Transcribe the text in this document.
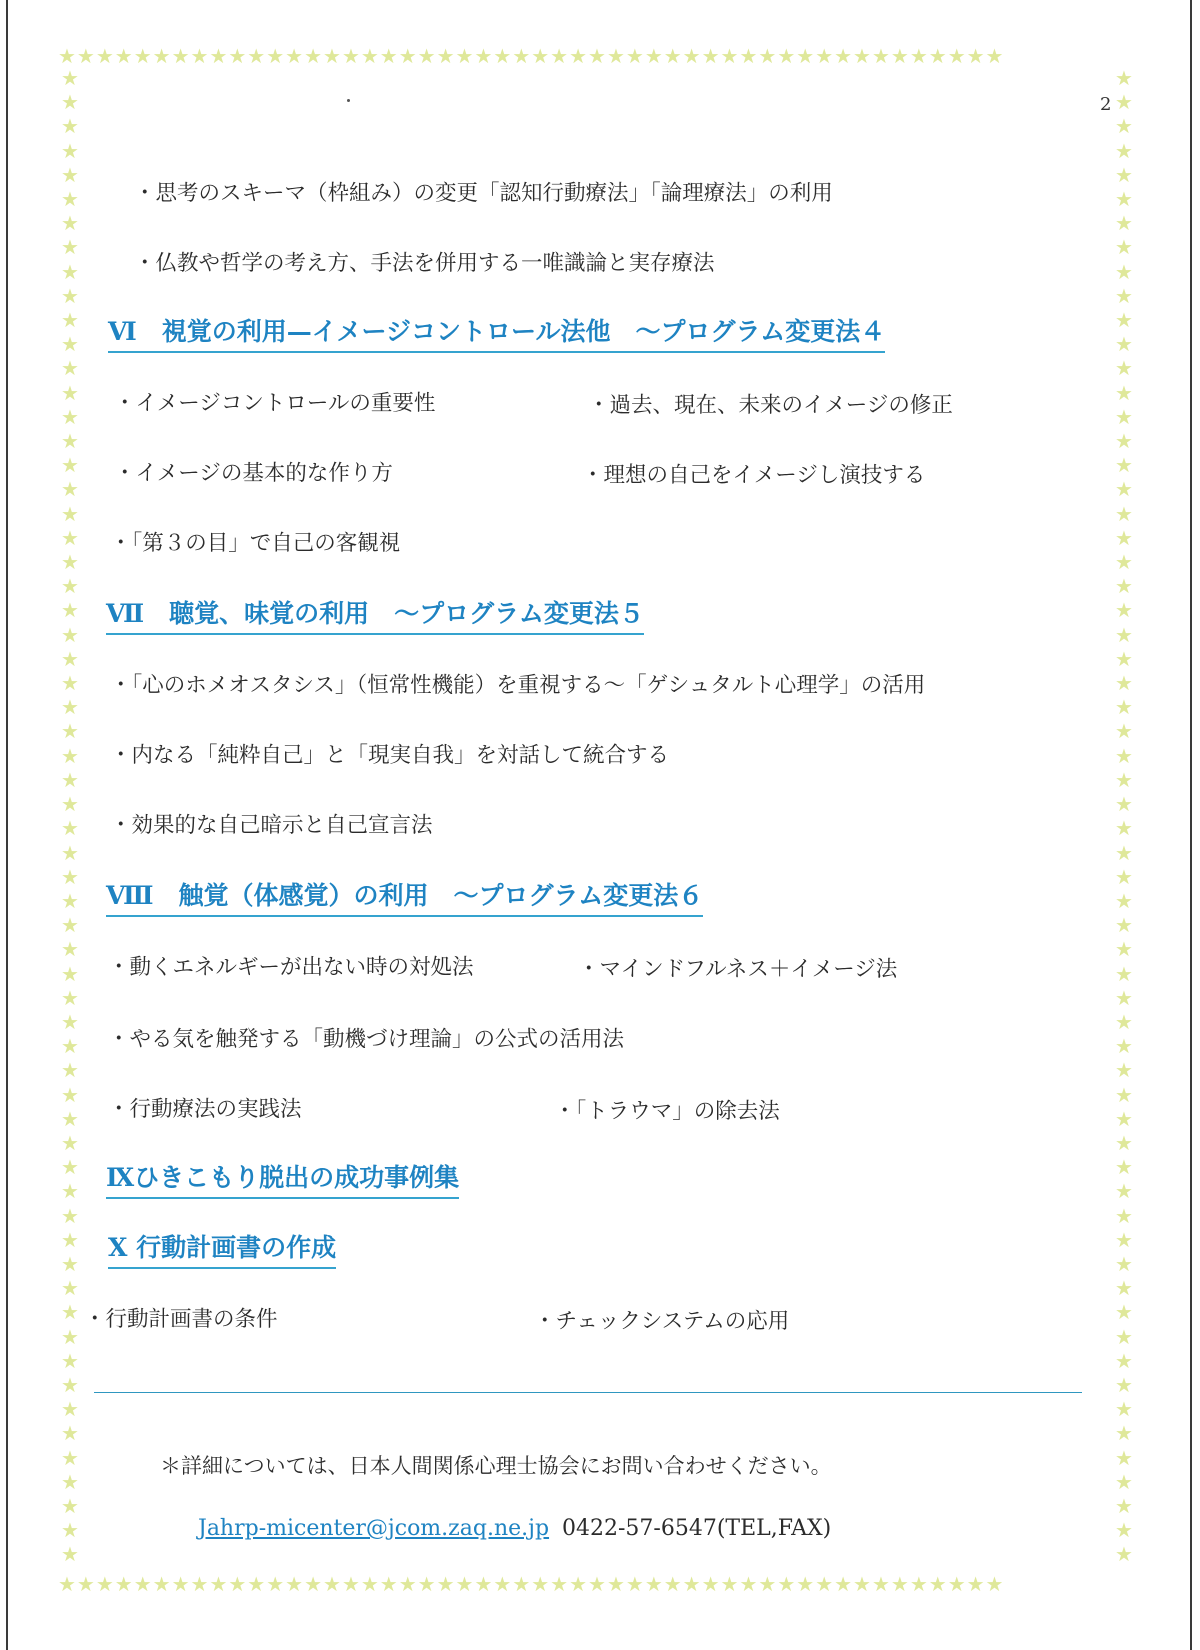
★★★★★★★★★★★★★★★★★★★★★★★★★★★★★★★★★★★★★★★★★★★★★★★★★★
★★★★★★★★★★★★★★★★★★★★★★★★★★★★★★★★★★★★★★★★★★★★★★★★★★
★★★★★★★★★★★★★★★★★★★★★★★★★★★★★★★★★★★★★★★★★★★★★★★★★★★★★★★★★★★★★★
★★★★★★★★★★★★★★★★★★★★★★★★★★★★★★★★★★★★★★★★★★★★★★★★★★★★★★★★★★★★★★
2
・思考のスキーマ（枠組み）の変更「認知行動療法」「論理療法」の利用
・仏教や哲学の考え方、手法を併用する一唯識論と実存療法
Ⅵ　視覚の利用—イメージコントロール法他　～プログラム変更法４
・イメージコントロールの重要性	・過去、現在、未来のイメージの修正
・イメージの基本的な作り方	・理想の自己をイメージし演技する
・「第３の目」で自己の客観視
Ⅶ　聴覚、味覚の利用　～プログラム変更法５
・「心のホメオスタシス」（恒常性機能）を重視する～「ゲシュタルト心理学」の活用
・内なる「純粋自己」と「現実自我」を対話して統合する
・効果的な自己暗示と自己宣言法
Ⅷ　触覚（体感覚）の利用　～プログラム変更法６
・動くエネルギーが出ない時の対処法	・マインドフルネス＋イメージ法
・やる気を触発する「動機づけ理論」の公式の活用法
・行動療法の実践法	・「トラウマ」の除去法
Ⅸひきこもり脱出の成功事例集
Ⅹ 行動計画書の作成
・行動計画書の条件	・チェックシステムの応用
＊詳細については、日本人間関係心理士協会にお問い合わせください。
Jahrp-micenter@jcom.zaq.ne.jp 0422-57-6547(TEL,FAX)
